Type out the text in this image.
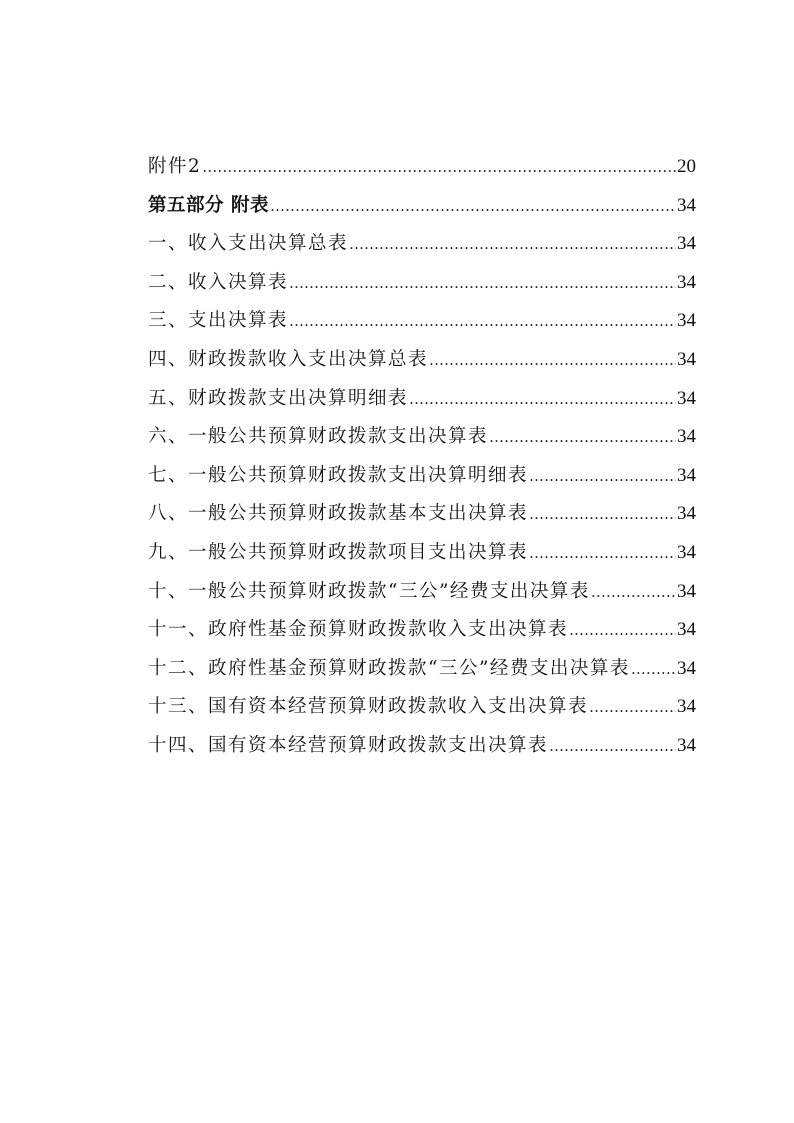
附件2 …………………………………………………………………………………………………………	20
第五部分 附表 …………………………………………………………………………………………………………	34
一、收入支出决算总表 …………………………………………………………………………………………………………	34
二、收入决算表 …………………………………………………………………………………………………………	34
三、支出决算表 …………………………………………………………………………………………………………	34
四、财政拨款收入支出决算总表 …………………………………………………………………………………………………………	34
五、财政拨款支出决算明细表 …………………………………………………………………………………………………………	34
六、一般公共预算财政拨款支出决算表 …………………………………………………………………………………………………………	34
七、一般公共预算财政拨款支出决算明细表 …………………………………………………………………………………………………………	34
八、一般公共预算财政拨款基本支出决算表 …………………………………………………………………………………………………………	34
九、一般公共预算财政拨款项目支出决算表 …………………………………………………………………………………………………………	34
十、一般公共预算财政拨款“三公”经费支出决算表 …………………………………………………………………………………………………………	34
十一、政府性基金预算财政拨款收入支出决算表 …………………………………………………………………………………………………………	34
十二、政府性基金预算财政拨款“三公”经费支出决算表 ………………………………………………………………………………………………………… 34
十三、国有资本经营预算财政拨款收入支出决算表 …………………………………………………………………………………………………………	34
十四、国有资本经营预算财政拨款支出决算表 …………………………………………………………………………………………………………	34
